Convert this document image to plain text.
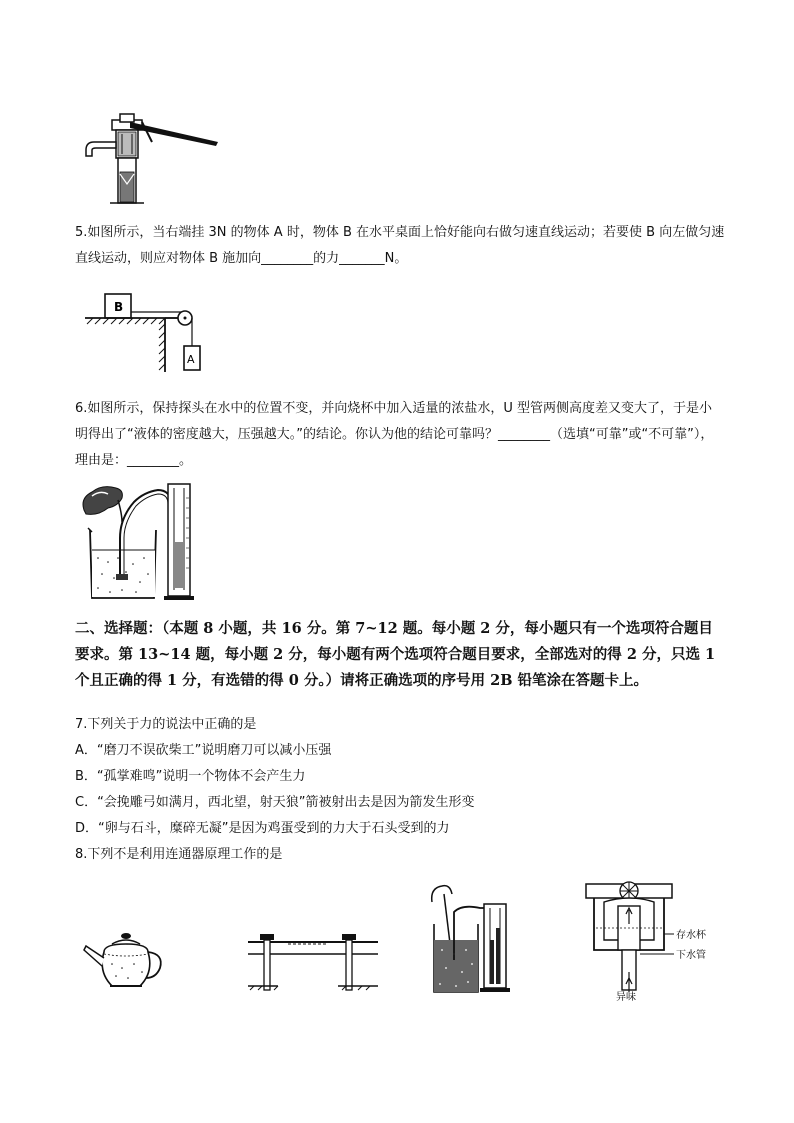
5.如图所示，当右端挂 3N 的物体 A 时，物体 B 在水平桌面上恰好能向右做匀速直线运动；若要使 B 向左做匀速直线运动，则应对物体 B 施加向________的力_______N。
B
A
6.如图所示，保持探头在水中的位置不变，并向烧杯中加入适量的浓盐水，U 型管两侧高度差又变大了，于是小明得出了“液体的密度越大，压强越大。”的结论。你认为他的结论可靠吗？________（选填“可靠”或“不可靠”），理由是：________。
二、选择题：（本题 8 小题，共 16 分。第 7~12 题。每小题 2 分，每小题只有一个选项符合题目要求。第 13~14 题，每小题 2 分，每小题有两个选项符合题目要求，全部选对的得 2 分，只选 1 个且正确的得 1 分，有选错的得 0 分。）请将正确选项的序号用 2B 铅笔涂在答题卡上。
7.下列关于力的说法中正确的是
A．“磨刀不误砍柴工”说明磨刀可以减小压强
B．“孤掌难鸣”说明一个物体不会产生力
C．“会挽雕弓如满月，西北望，射天狼”箭被射出去是因为箭发生形变
D．“卵与石斗，糜碎无凝”是因为鸡蛋受到的力大于石头受到的力
8.下列不是利用连通器原理工作的是
存水杯
下水管
异味
